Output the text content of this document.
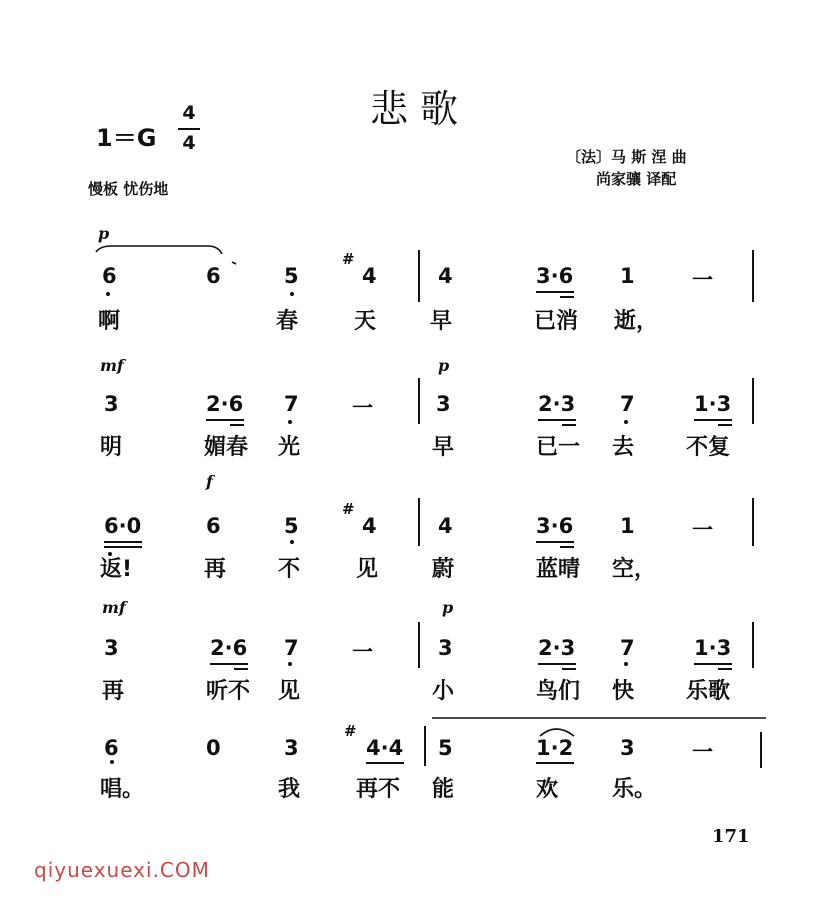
悲歌
1＝G
4
4
慢板 忧伤地
〔法〕马 斯 涅 曲
尚家骧 译配
p
mf	p
f
mf	p
6	6	5
#
4	4	3·6 1	一
啊	春	天 早	已消 逝，
3	2·6 7	一	3	2·3 7	1·3
明	媚春 光	早	已一 去 不复
6·0	6	5
#
4	4	3·6 1	一
返!	再 不	见 蔚	蓝晴 空，
3	2·6 7	一	3	2·3 7	1·3
再	听不 见	小	鸟们 快 乐歌
6	0	3
#
4·4 5	1·2 3	一
唱。	我	再不 能	欢 乐。
171
qiyuexuexi.COM
